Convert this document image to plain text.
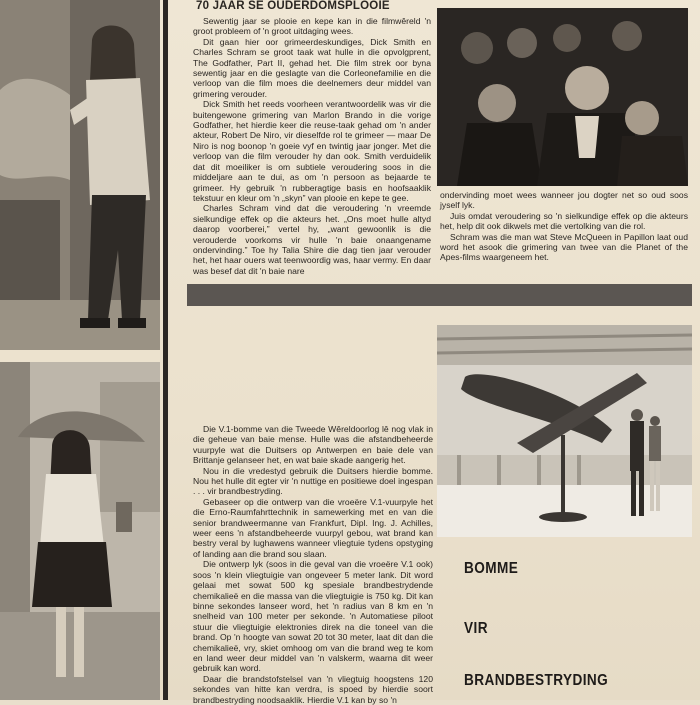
70 JAAR SE OUDERDOMSPLOOIE

Sewentig jaar se plooie en kepe kan in die filmwêreld 'n groot probleem of 'n groot uitdaging wees.

Dit gaan hier oor grimeerdeskundiges, Dick Smith en Charles Schram se groot taak wat hulle in die opvolgprent, The Godfather, Part II, gehad het. Die film strek oor byna sewentig jaar en die geslagte van die Corleonefamilie en die verloop van die film moes die deelnemers deur middel van grimering verouder.

Dick Smith het reeds voorheen verantwoordelik was vir die buitengewone grimering van Marlon Brando in die vorige Godfather, het hierdie keer die reuse-taak gehad om 'n ander akteur, Robert De Niro, vir dieselfde rol te grimeer — maar De Niro is nog boonop 'n goeie vyf en twintig jaar jonger. Met die verloop van die film verouder hy dan ook. Smith verduidelik dat dit moeiliker is om subtiele veroudering soos in die middeljare aan te dui, as om 'n persoon as bejaarde te grimeer. Hy gebruik 'n rubberagtige basis en hoofsaaklik tekstuur en kleur om 'n „skyn” van plooie en kepe te gee.

Charles Schram vind dat die veroudering 'n vreemde sielkundige effek op die akteurs het. „Ons moet hulle altyd daarop voorberei,” vertel hy, „want gewoonlik is die verouderde voorkoms vir hulle 'n baie onaangename ondervinding.” Toe hy Talia Shire die dag tien jaar verouder het, het haar ouers wat teenwoordig was, haar vermy. En daar was besef dat dit 'n baie nare

ondervinding moet wees wanneer jou dogter net so oud soos jyself lyk.

Juis omdat veroudering so 'n sielkundige effek op die akteurs het, help dit ook dikwels met die vertolking van die rol.

Schram was die man wat Steve McQueen in Papillon laat oud word het asook die grimering van twee van die Planet of the Apes-films waargeneem het.

Die V.1-bomme van die Tweede Wêreldoorlog lê nog vlak in die geheue van baie mense. Hulle was die afstandbeheerde vuurpyle wat die Duitsers op Antwerpen en baie dele van Brittanje gelanseer het, en wat baie skade aangerig het.

Nou in die vredestyd gebruik die Duitsers hierdie bomme. Nou het hulle dit egter vir 'n nuttige en positiewe doel ingespan . . . vir brandbestryding.

Gebaseer op die ontwerp van die vroeëre V.1-vuurpyle het die Erno-Raumfahrttechnik in samewerking met en van die senior brandweermanne van Frankfurt, Dipl. Ing. J. Achilles, weer eens 'n afstandbeheerde vuurpyl gebou, wat brand kan bestry veral by lughawens wanneer vliegtuie tydens opstyging of landing aan die brand sou slaan.

Die ontwerp lyk (soos in die geval van die vroeëre V.1 ook) soos 'n klein vliegtuigie van ongeveer 5 meter lank. Dit word gelaai met sowat 500 kg spesiale brandbestrydende chemikalieë en die massa van die vliegtuigie is 750 kg. Dit kan binne sekondes lanseer word, het 'n radius van 8 km en 'n snelheid van 100 meter per sekonde. 'n Automatiese piloot stuur die vliegtuigie elektronies direk na die toneel van die brand. Op 'n hoogte van sowat 20 tot 30 meter, laat dit dan die chemikalieë, vry, skiet omhoog om van die brand weg te kom en land weer deur middel van 'n valskerm, waarna dit weer gebruik kan word.

Daar die brandstofstelsel van 'n vliegtuig hoogstens 120 sekondes van hitte kan verdra, is spoed by hierdie soort brandbestryding noodsaaklik. Hierdie V.1 kan by so 'n

BOMME
VIR
BRANDBESTRYDING
